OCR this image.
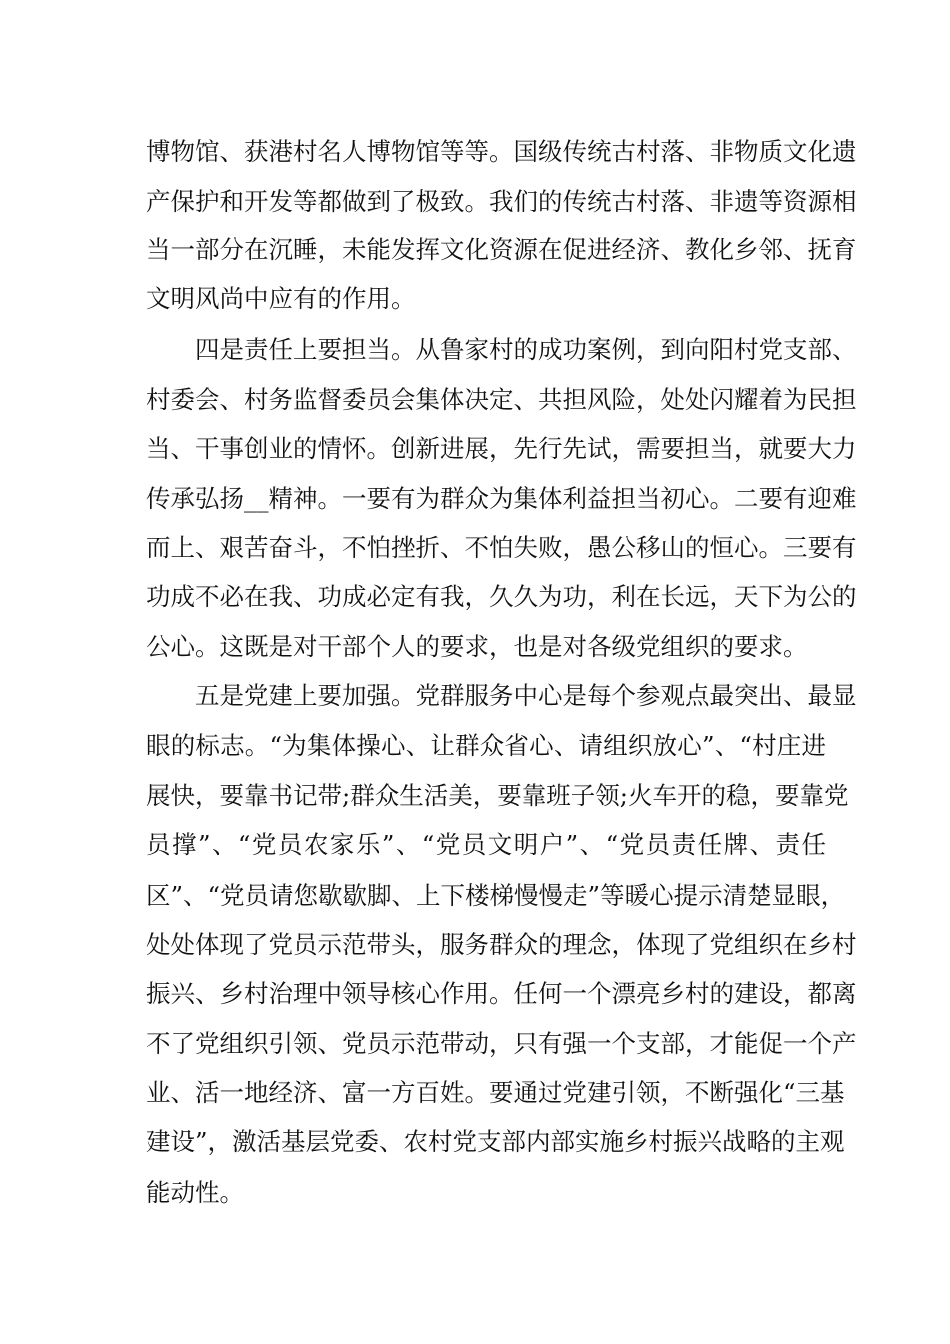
博物馆、获港村名人博物馆等等。国级传统古村落、非物质文化遗
产保护和开发等都做到了极致。我们的传统古村落、非遗等资源相
当一部分在沉睡，未能发挥文化资源在促进经济、教化乡邻、抚育
文明风尚中应有的作用。
四是责任上要担当。从鲁家村的成功案例，到向阳村党支部、
村委会、村务监督委员会集体决定、共担风险，处处闪耀着为民担
当、干事创业的情怀。创新进展，先行先试，需要担当，就要大力
传承弘扬__精神。一要有为群众为集体利益担当初心。二要有迎难
而上、艰苦奋斗，不怕挫折、不怕失败，愚公移山的恒心。三要有
功成不必在我、功成必定有我，久久为功，利在长远，天下为公的
公心。这既是对干部个人的要求，也是对各级党组织的要求。
五是党建上要加强。党群服务中心是每个参观点最突出、最显
眼的标志。“为集体操心、让群众省心、请组织放心”、“村庄进
展快，要靠书记带;群众生活美，要靠班子领;火车开的稳，要靠党
员撑”、“党员农家乐”、“党员文明户”、“党员责任牌、责任
区”、“党员请您歇歇脚、上下楼梯慢慢走”等暖心提示清楚显眼，
处处体现了党员示范带头，服务群众的理念，体现了党组织在乡村
振兴、乡村治理中领导核心作用。任何一个漂亮乡村的建设，都离
不了党组织引领、党员示范带动，只有强一个支部，才能促一个产
业、活一地经济、富一方百姓。要通过党建引领，不断强化“三基
建设”，激活基层党委、农村党支部内部实施乡村振兴战略的主观
能动性。
